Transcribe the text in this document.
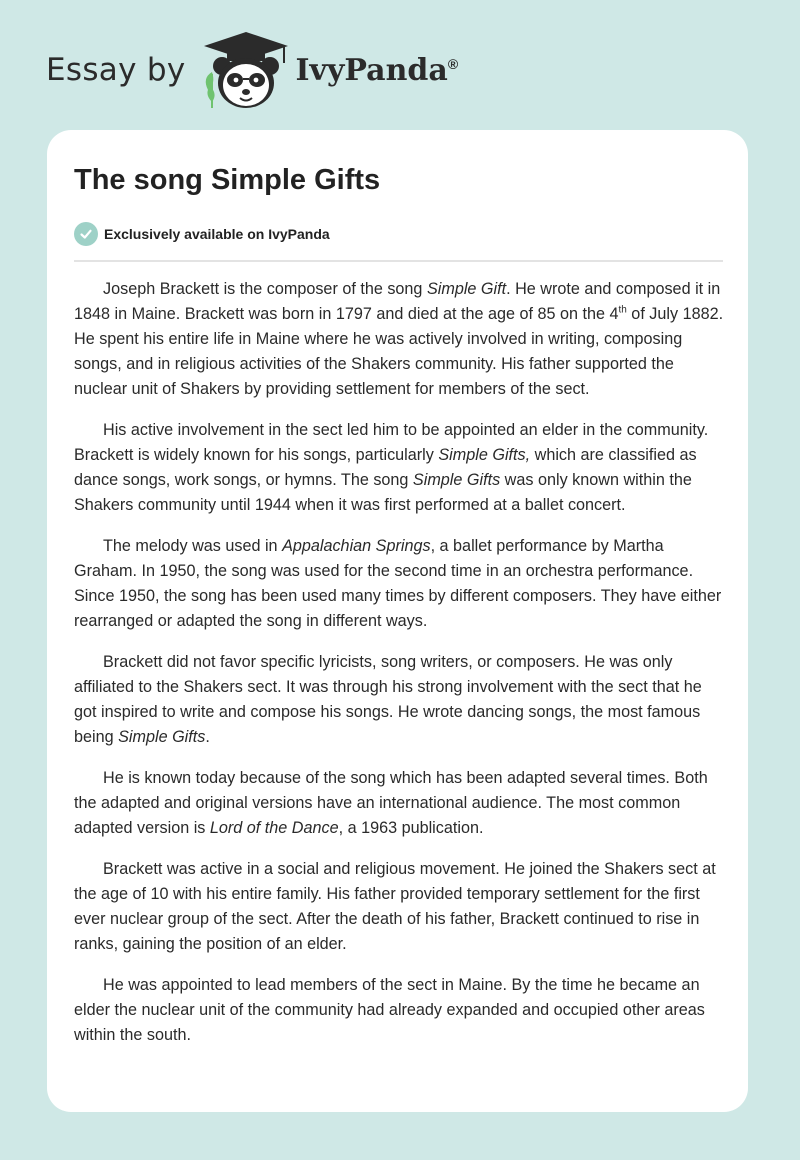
Essay by	IvyPanda®
The song Simple Gifts
Exclusively available on IvyPanda

Joseph Brackett is the composer of the song Simple Gift. He wrote and composed it in 1848 in Maine. Brackett was born in 1797 and died at the age of 85 on the 4th of July 1882. He spent his entire life in Maine where he was actively involved in writing, composing songs, and in religious activities of the Shakers community. His father supported the nuclear unit of Shakers by providing settlement for members of the sect.

His active involvement in the sect led him to be appointed an elder in the community. Brackett is widely known for his songs, particularly Simple Gifts, which are classified as dance songs, work songs, or hymns. The song Simple Gifts was only known within the Shakers community until 1944 when it was first performed at a ballet concert.

The melody was used in Appalachian Springs, a ballet performance by Martha Graham. In 1950, the song was used for the second time in an orchestra performance. Since 1950, the song has been used many times by different composers. They have either rearranged or adapted the song in different ways.

Brackett did not favor specific lyricists, song writers, or composers. He was only affiliated to the Shakers sect. It was through his strong involvement with the sect that he got inspired to write and compose his songs. He wrote dancing songs, the most famous being Simple Gifts.

He is known today because of the song which has been adapted several times. Both the adapted and original versions have an international audience. The most common adapted version is Lord of the Dance, a 1963 publication.

Brackett was active in a social and religious movement. He joined the Shakers sect at the age of 10 with his entire family. His father provided temporary settlement for the first ever nuclear group of the sect. After the death of his father, Brackett continued to rise in ranks, gaining the position of an elder.

He was appointed to lead members of the sect in Maine. By the time he became an elder the nuclear unit of the community had already expanded and occupied other areas within the south.
